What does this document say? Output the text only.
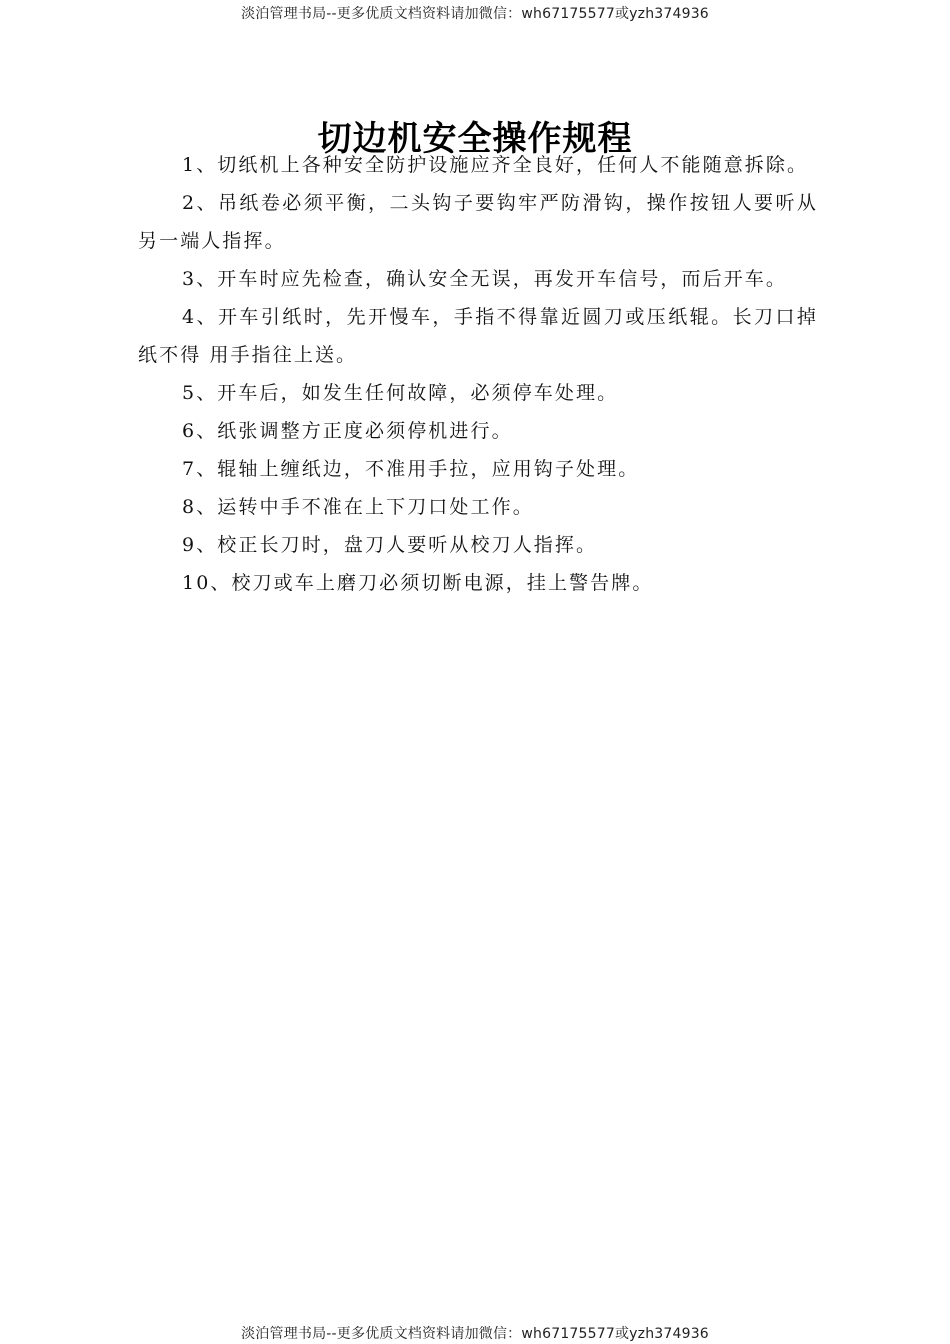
淡泊管理书局--更多优质文档资料请加微信：wh67175577或yzh374936
切边机安全操作规程

1、切纸机上各种安全防护设施应齐全良好，任何人不能随意拆除。

2、吊纸卷必须平衡，二头钩子要钩牢严防滑钩，操作按钮人要听从另一端人指挥。

3、开车时应先检查，确认安全无误，再发开车信号，而后开车。

4、开车引纸时，先开慢车，手指不得靠近圆刀或压纸辊。长刀口掉纸不得 用手指往上送。

5、开车后，如发生任何故障，必须停车处理。

6、纸张调整方正度必须停机进行。

7、辊轴上缠纸边，不准用手拉，应用钩子处理。

8、运转中手不准在上下刀口处工作。

9、校正长刀时，盘刀人要听从校刀人指挥。

10、校刀或车上磨刀必须切断电源，挂上警告牌。

淡泊管理书局--更多优质文档资料请加微信：wh67175577或yzh374936
